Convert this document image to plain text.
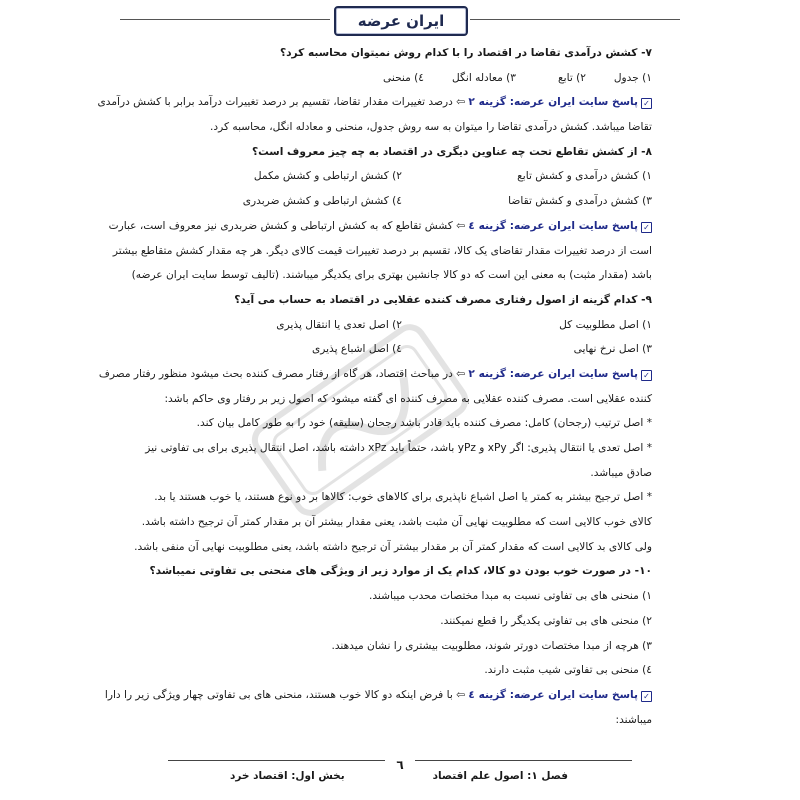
ایران عرضه
۷- کشش درآمدی تقاضا در اقتصاد را با کدام روش نمیتوان محاسبه کرد؟
۱) جدول۲) تابع۳) معادله انگل٤) منحنی
✓پاسخ سایت ایران عرضه: گزینه ۲ ⇦ درصد تغییرات مقدار تقاضا، تقسیم بر درصد تغییرات درآمد برابر با کشش درآمدی
تقاضا میباشد. کشش درآمدی تقاضا را میتوان به سه روش جدول، منحنی و معادله انگل، محاسبه کرد.
۸- از کشش تقاطع تحت چه عناوین دیگری در اقتصاد به چه چیز معروف است؟
۱) کشش درآمدی و کشش تابع۲) کشش ارتباطی و کشش مکمل
۳) کشش درآمدی و کشش تقاضا٤) کشش ارتباطی و کشش ضربدری
✓پاسخ سایت ایران عرضه: گزینه ٤ ⇦ کشش تقاطع که به کشش ارتباطی و کشش ضربدری نیز معروف است، عبارت
است از درصد تغییرات مقدار تقاضای یک کالا، تقسیم بر درصد تغییرات قیمت کالای دیگر. هر چه مقدار کشش متقاطع بیشتر
باشد (مقدار مثبت) به معنی این است که دو کالا جانشین بهتری برای یکدیگر میباشند. (تالیف توسط سایت ایران عرضه)
۹- کدام گزینه از اصول رفتاری مصرف کننده عقلایی در اقتصاد به حساب می آید؟
۱) اصل مطلوبیت کل۲) اصل تعدی یا انتقال پذیری
۳) اصل نرخ نهایی٤) اصل اشباع پذیری
✓پاسخ سایت ایران عرضه: گزینه ۲ ⇦ در مباحث اقتصاد، هر گاه از رفتار مصرف کننده بحث میشود منظور رفتار مصرف
کننده عقلایی است. مصرف کننده عقلایی به مصرف کننده ای گفته میشود که اصول زیر بر رفتار وی حاکم باشد:
* اصل ترتیب (رجحان) کامل: مصرف کننده باید قادر باشد رجحان (سلیقه) خود را به طور کامل بیان کند.
* اصل تعدی یا انتقال پذیری: اگر xPy و yPz باشد، حتماً باید xPz داشته باشد، اصل انتقال پذیری برای بی تفاوتی نیز
صادق میباشد.
* اصل ترجیح بیشتر به کمتر یا اصل اشباع ناپذیری برای کالاهای خوب: کالاها بر دو نوع هستند، یا خوب هستند یا بد.
کالای خوب کالایی است که مطلوبیت نهایی آن مثبت باشد، یعنی مقدار بیشتر آن بر مقدار کمتر آن ترجیح داشته باشد.
ولی کالای بد کالایی است که مقدار کمتر آن بر مقدار بیشتر آن ترجیح داشته باشد، یعنی مطلوبیت نهایی آن منفی باشد.
۱۰- در صورت خوب بودن دو کالا، کدام یک از موارد زیر از ویژگی های منحنی بی تفاوتی نمیباشد؟
۱) منحنی های بی تفاوتی نسبت به مبدا مختصات محدب میباشند.
۲) منحنی های بی تفاوتی یکدیگر را قطع نمیکنند.
۳) هرچه از مبدا مختصات دورتر شوند، مطلوبیت بیشتری را نشان میدهند.
٤) منحنی بی تفاوتی شیب مثبت دارند.
✓پاسخ سایت ایران عرضه: گزینه ٤ ⇦ با فرض اینکه دو کالا خوب هستند، منحنی های بی تفاوتی چهار ویژگی زیر را دارا
میباشند:
٦
فصل ۱: اصول علم اقتصاد
بخش اول: اقتصاد خرد
